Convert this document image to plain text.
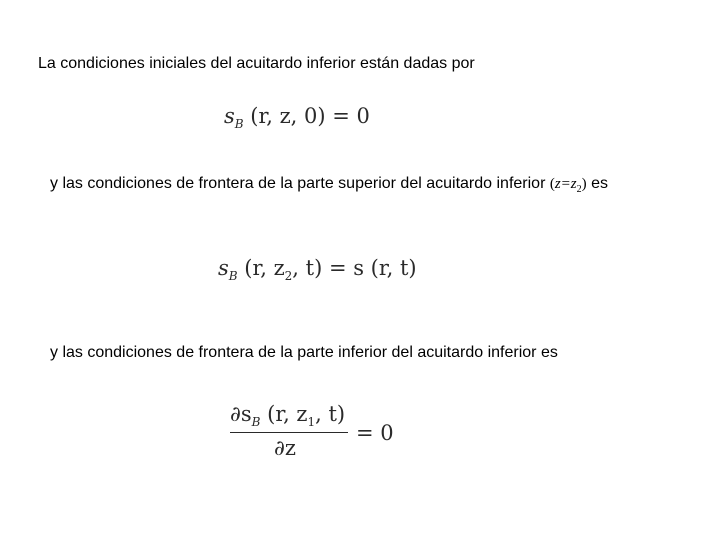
La condiciones iniciales del acuitardo inferior están dadas por
$s_B$ (r, z, 0) = 0
y las condiciones de frontera de la parte superior del acuitardo inferior $(z=z_2)$ es
$s_B$ (r, $z_2$, t) = s (r, t)
y las condiciones de frontera de la parte inferior del acuitardo inferior es
$\partial s_B$ (r, $z_1$, t)
∂z
= 0
